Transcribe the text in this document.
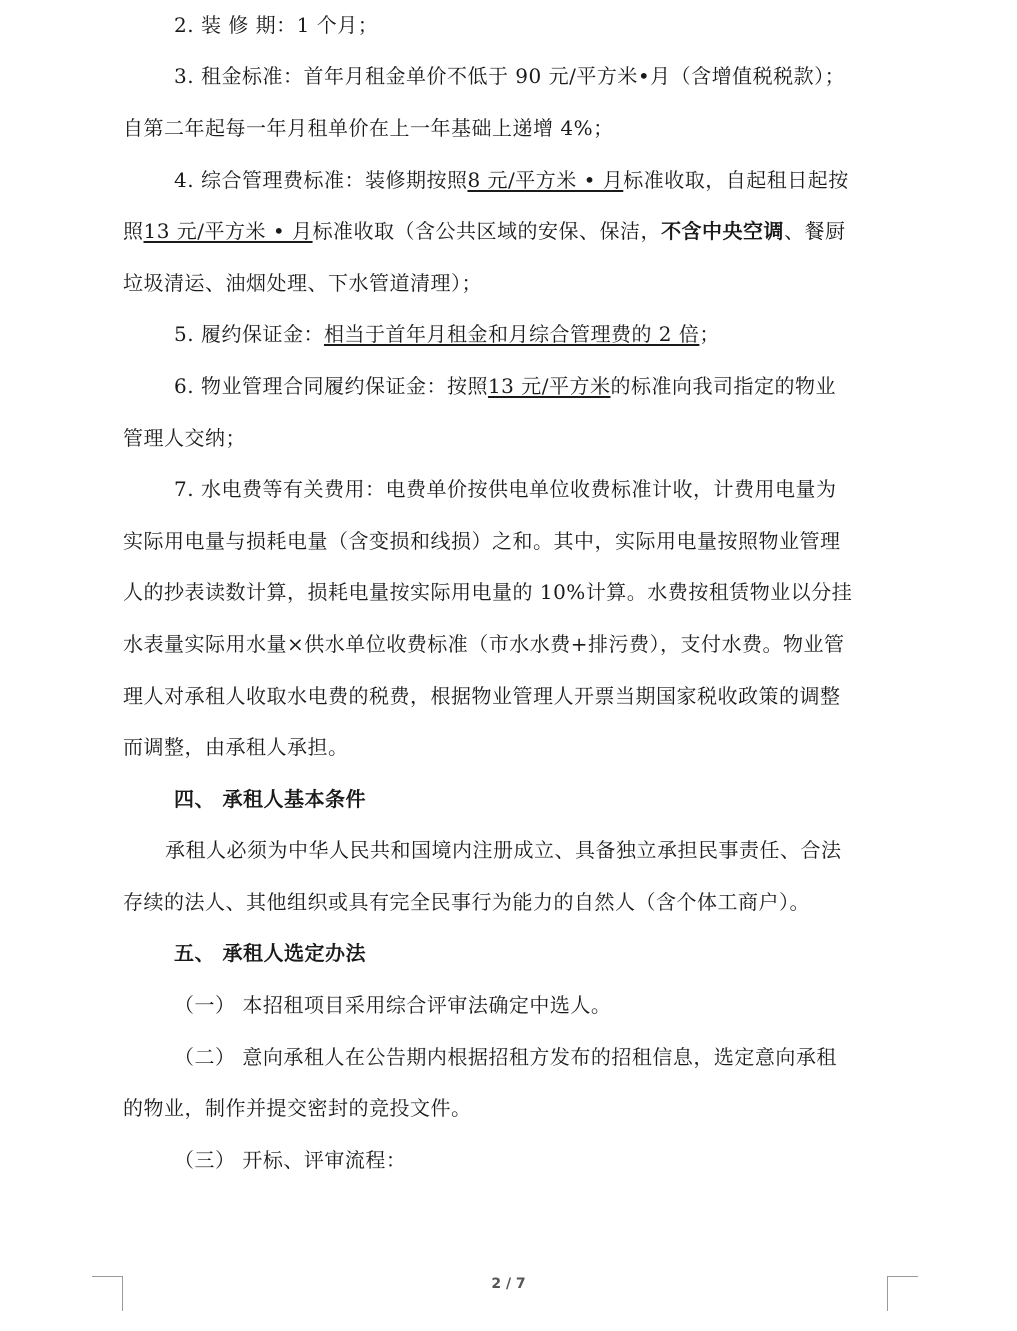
2. 装 修 期：1 个月；
3. 租金标准：首年月租金单价不低于 90 元/平方米•月（含增值税税款）；
自第二年起每一年月租单价在上一年基础上递增 4%；
4. 综合管理费标准：装修期按照8 元/平方米 • 月标准收取，自起租日起按
照13 元/平方米 • 月标准收取（含公共区域的安保、保洁，不含中央空调、餐厨
垃圾清运、油烟处理、下水管道清理）；
5. 履约保证金：相当于首年月租金和月综合管理费的 2 倍；
6. 物业管理合同履约保证金：按照13 元/平方米的标准向我司指定的物业
管理人交纳；
7. 水电费等有关费用：电费单价按供电单位收费标准计收，计费用电量为
实际用电量与损耗电量（含变损和线损）之和。其中，实际用电量按照物业管理
人的抄表读数计算，损耗电量按实际用电量的 10%计算。水费按租赁物业以分挂
水表量实际用水量×供水单位收费标准（市水水费+排污费），支付水费。物业管
理人对承租人收取水电费的税费，根据物业管理人开票当期国家税收政策的调整
而调整，由承租人承担。
四、 承租人基本条件
承租人必须为中华人民共和国境内注册成立、具备独立承担民事责任、合法
存续的法人、其他组织或具有完全民事行为能力的自然人（含个体工商户）。
五、 承租人选定办法
（一） 本招租项目采用综合评审法确定中选人。
（二） 意向承租人在公告期内根据招租方发布的招租信息，选定意向承租
的物业，制作并提交密封的竞投文件。
（三） 开标、评审流程：
2 / 7
